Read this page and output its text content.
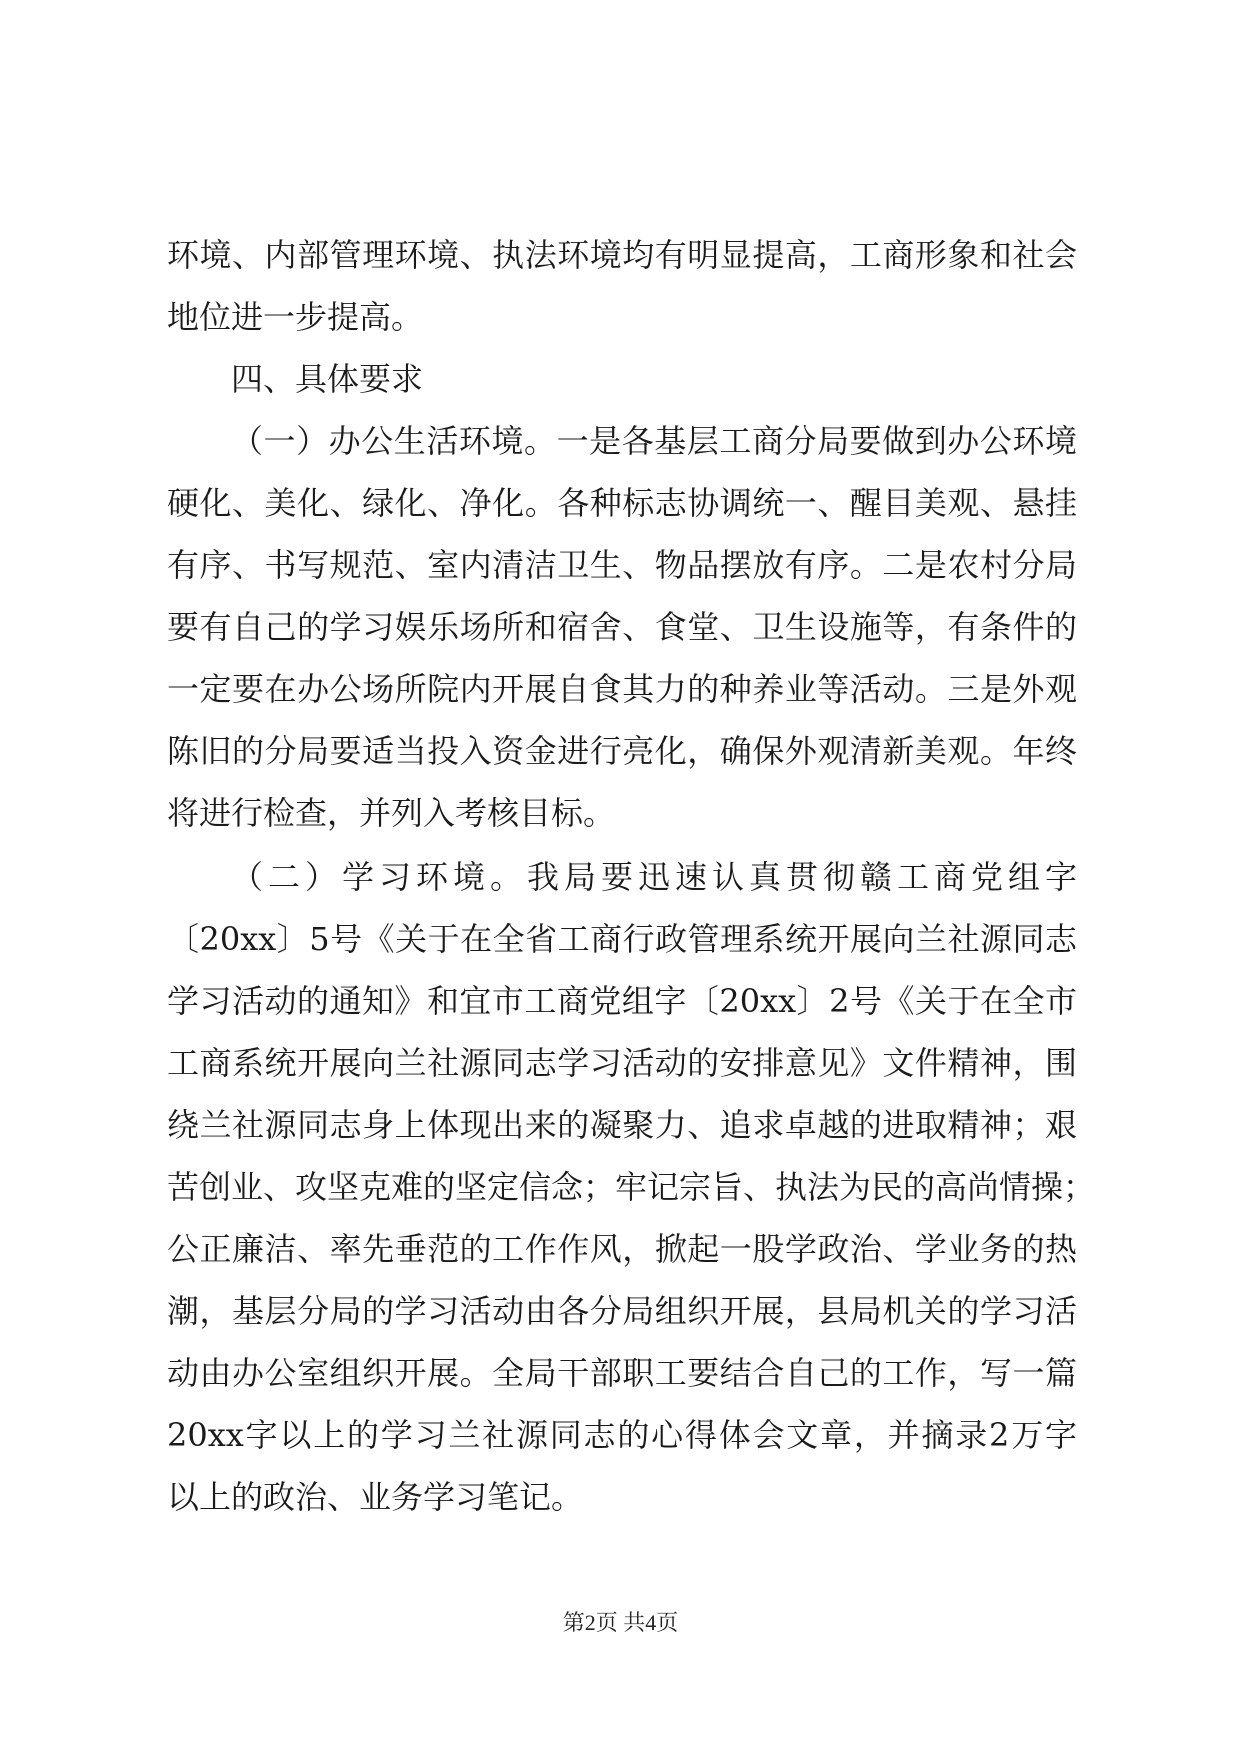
环境、内部管理环境、执法环境均有明显提高，工商形象和社会
地位进一步提高。
四、具体要求
（一）办公生活环境。一是各基层工商分局要做到办公环境
硬化、美化、绿化、净化。各种标志协调统一、醒目美观、悬挂
有序、书写规范、室内清洁卫生、物品摆放有序。二是农村分局
要有自己的学习娱乐场所和宿舍、食堂、卫生设施等，有条件的
一定要在办公场所院内开展自食其力的种养业等活动。三是外观
陈旧的分局要适当投入资金进行亮化，确保外观清新美观。年终
将进行检查，并列入考核目标。
（二）学习环境。我局要迅速认真贯彻赣工商党组字
〔20xx〕5号《关于在全省工商行政管理系统开展向兰社源同志
学习活动的通知》和宜市工商党组字〔20xx〕2号《关于在全市
工商系统开展向兰社源同志学习活动的安排意见》文件精神，围
绕兰社源同志身上体现出来的凝聚力、追求卓越的进取精神；艰
苦创业、攻坚克难的坚定信念；牢记宗旨、执法为民的高尚情操；
公正廉洁、率先垂范的工作作风，掀起一股学政治、学业务的热
潮，基层分局的学习活动由各分局组织开展，县局机关的学习活
动由办公室组织开展。全局干部职工要结合自己的工作，写一篇
20xx字以上的学习兰社源同志的心得体会文章，并摘录2万字
以上的政治、业务学习笔记。
第2页 共4页
